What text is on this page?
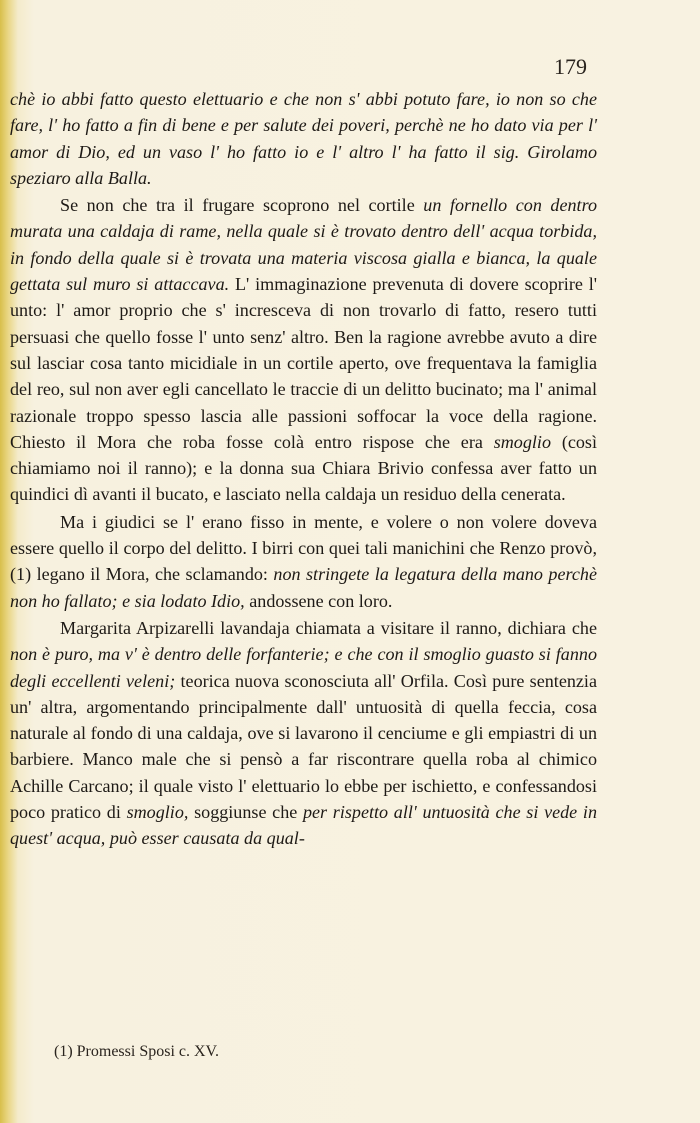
179

chè io abbi fatto questo elettuario e che non s' abbi potuto fare, io non so che fare, l' ho fatto a fin di bene e per salute dei poveri, perchè ne ho dato via per l' amor di Dio, ed un vaso l' ho fatto io e l' altro l' ha fatto il sig. Girolamo speziaro alla Balla.

Se non che tra il frugare scoprono nel cortile un fornello con dentro murata una caldaja di rame, nella quale si è trovato dentro dell' acqua torbida, in fondo della quale si è trovata una materia viscosa gialla e bianca, la quale gettata sul muro si attaccava. L' immaginazione prevenuta di dovere scoprire l' unto: l' amor proprio che s' incresceva di non trovarlo di fatto, resero tutti persuasi che quello fosse l' unto senz' altro. Ben la ragione avrebbe avuto a dire sul lasciar cosa tanto micidiale in un cortile aperto, ove frequentava la famiglia del reo, sul non aver egli cancellato le traccie di un delitto bucinato; ma l' animal razionale troppo spesso lascia alle passioni soffocar la voce della ragione. Chiesto il Mora che roba fosse colà entro rispose che era smoglio (così chiamiamo noi il ranno); e la donna sua Chiara Brivio confessa aver fatto un quindici dì avanti il bucato, e lasciato nella caldaja un residuo della cenerata.

Ma i giudici se l' erano fisso in mente, e volere o non volere doveva essere quello il corpo del delitto. I birri con quei tali manichini che Renzo provò, (1) legano il Mora, che sclamando: non stringete la legatura della mano perchè non ho fallato; e sia lodato Idio, andossene con loro.

Margarita Arpizarelli lavandaja chiamata a visitare il ranno, dichiara che non è puro, ma v' è dentro delle forfanterie; e che con il smoglio guasto si fanno degli eccellenti veleni; teorica nuova sconosciuta all' Orfila. Così pure sentenzia un' altra, argomentando principalmente dall' untuosità di quella feccia, cosa naturale al fondo di una caldaja, ove si lavarono il cenciume e gli empiastri di un barbiere. Manco male che si pensò a far riscontrare quella roba al chimico Achille Carcano; il quale visto l' elettuario lo ebbe per ischietto, e confessandosi poco pratico di smoglio, soggiunse che per rispetto all' untuosità che si vede in quest' acqua, può esser causata da qual-

(1) Promessi Sposi c. XV.
